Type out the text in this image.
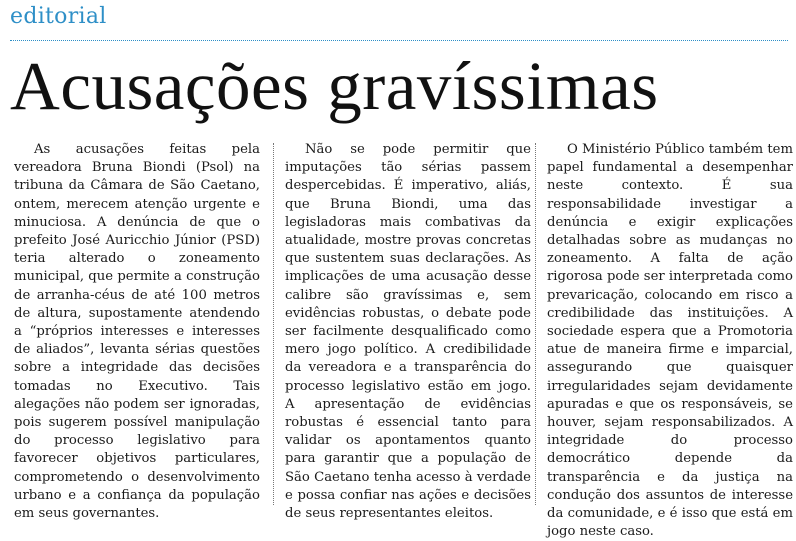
editorial
Acusações gravíssimas

As acusações feitas pela vereadora Bruna Biondi (Psol) na tribuna da Câmara de São Caetano, ontem, merecem atenção urgente e minuciosa. A denúncia de que o prefeito José Auricchio Júnior (PSD) teria alterado o zoneamento municipal, que permite a construção de arranha-céus de até 100 metros de altura, supostamente atendendo a “próprios interesses e interesses de aliados”, levanta sérias questões sobre a integridade das decisões tomadas no Executivo. Tais alegações não podem ser ignoradas, pois sugerem possível manipulação do processo legislativo para favorecer objetivos particulares, comprometendo o desenvolvimento urbano e a confiança da população em seus governantes.

Não se pode permitir que imputações tão sérias passem despercebidas. É imperativo, aliás, que Bruna Biondi, uma das legisladoras mais combativas da atualidade, mostre provas concretas que sustentem suas declarações. As implicações de uma acusação desse calibre são gravíssimas e, sem evidências robustas, o debate pode ser facilmente desqualificado como mero jogo político. A credibilidade da vereadora e a transparência do processo legislativo estão em jogo. A apresentação de evidências robustas é essencial tanto para validar os apontamentos quanto para garantir que a população de São Caetano tenha acesso à verdade e possa confiar nas ações e decisões de seus representantes eleitos.

O Ministério Público também tem papel fundamental a desempenhar neste contexto. É sua responsabilidade investigar a denúncia e exigir explicações detalhadas sobre as mudanças no zoneamento. A falta de ação rigorosa pode ser interpretada como prevaricação, colocando em risco a credibilidade das instituições. A sociedade espera que a Promotoria atue de maneira firme e imparcial, assegurando que quaisquer irregularidades sejam devidamente apuradas e que os responsáveis, se houver, sejam responsabilizados. A integridade do processo democrático depende da transparência e da justiça na condução dos assuntos de interesse da comunidade, e é isso que está em jogo neste caso.
